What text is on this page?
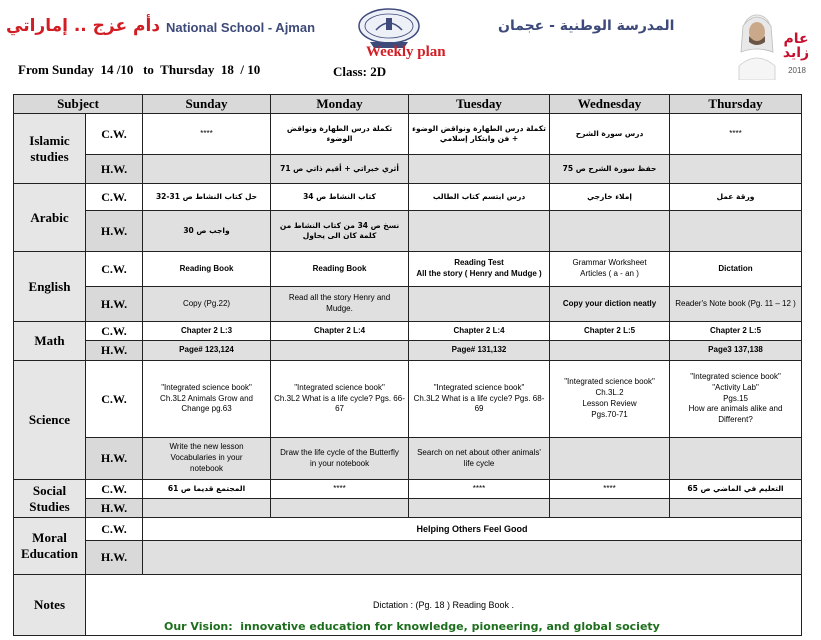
دأم عزج .. إماراتي National School - Ajman	المدرسة الوطنية - عجمان
عام زايد
2018
Weekly plan
From Sunday  14 /10   to  Thursday  18  / 10	Class: 2D
Subject		Sunday	Monday	Tuesday	Wednesday	Thursday
Islamic studies	C.W.	****	تكملة درس الطهارة ونواقض الوضوء	تكملة درس الطهارة ونواقض الوضوء + فن وابتكار إسلامي	درس سورة الشرح	****
	H.W.		أثري خبراتي + أقيم ذاتي ص 71		حفظ سورة الشرح ص 75	
Arabic	C.W.	حل كتاب النشاط ص 31-32	كتاب النشاط ص 34	درس ابتسم كتاب الطالب	إملاء خارجي	ورقة عمل
	H.W.	واجب ص 30	نسخ ص 34 من كتاب النشاط من كلمة كان الى يحاول			
English	C.W.	Reading Book	Reading Book	Reading Test
All the story ( Henry and Mudge )	Grammar Worksheet
Articles ( a - an )	Dictation
	H.W.	Copy (Pg.22)	Read all the story Henry and
Mudge.		Copy your diction neatly	Reader's Note book (Pg. 11 – 12 )
Math	C.W.	Chapter 2 L:3	Chapter 2 L:4	Chapter 2 L:4	Chapter 2 L:5	Chapter 2 L:5
	H.W.	Page# 123,124		Page# 131,132		Page3 137,138
Science	C.W.	"Integrated science book"
Ch.3L2 Animals Grow and
Change pg.63	"Integrated science book"
Ch.3L2 What is a life cycle? Pgs. 66-
67	"Integrated science book"
Ch.3L2 What is a life cycle? Pgs. 68-
69	"Integrated science book"
Ch.3L.2
Lesson Review
Pgs.70-71	"Integrated science book"
"Activity Lab"
Pgs.15
How are animals alike and
Different?
	H.W.	Write the new lesson
Vocabularies in your
notebook	Draw the life cycle of the Butterfly
in your notebook	Search on net about other animals'
life cycle		
Social Studies	C.W.	المجتمع قديما ص 61	****	****	****	التعليم في الماضي ص 65
	H.W.					
Moral Education	C.W.	Helping Others Feel Good				
	H.W.					
Notes	Dictation : (Pg. 18 ) Reading Book .					
Our Vision:  innovative education for knowledge, pioneering, and global society
